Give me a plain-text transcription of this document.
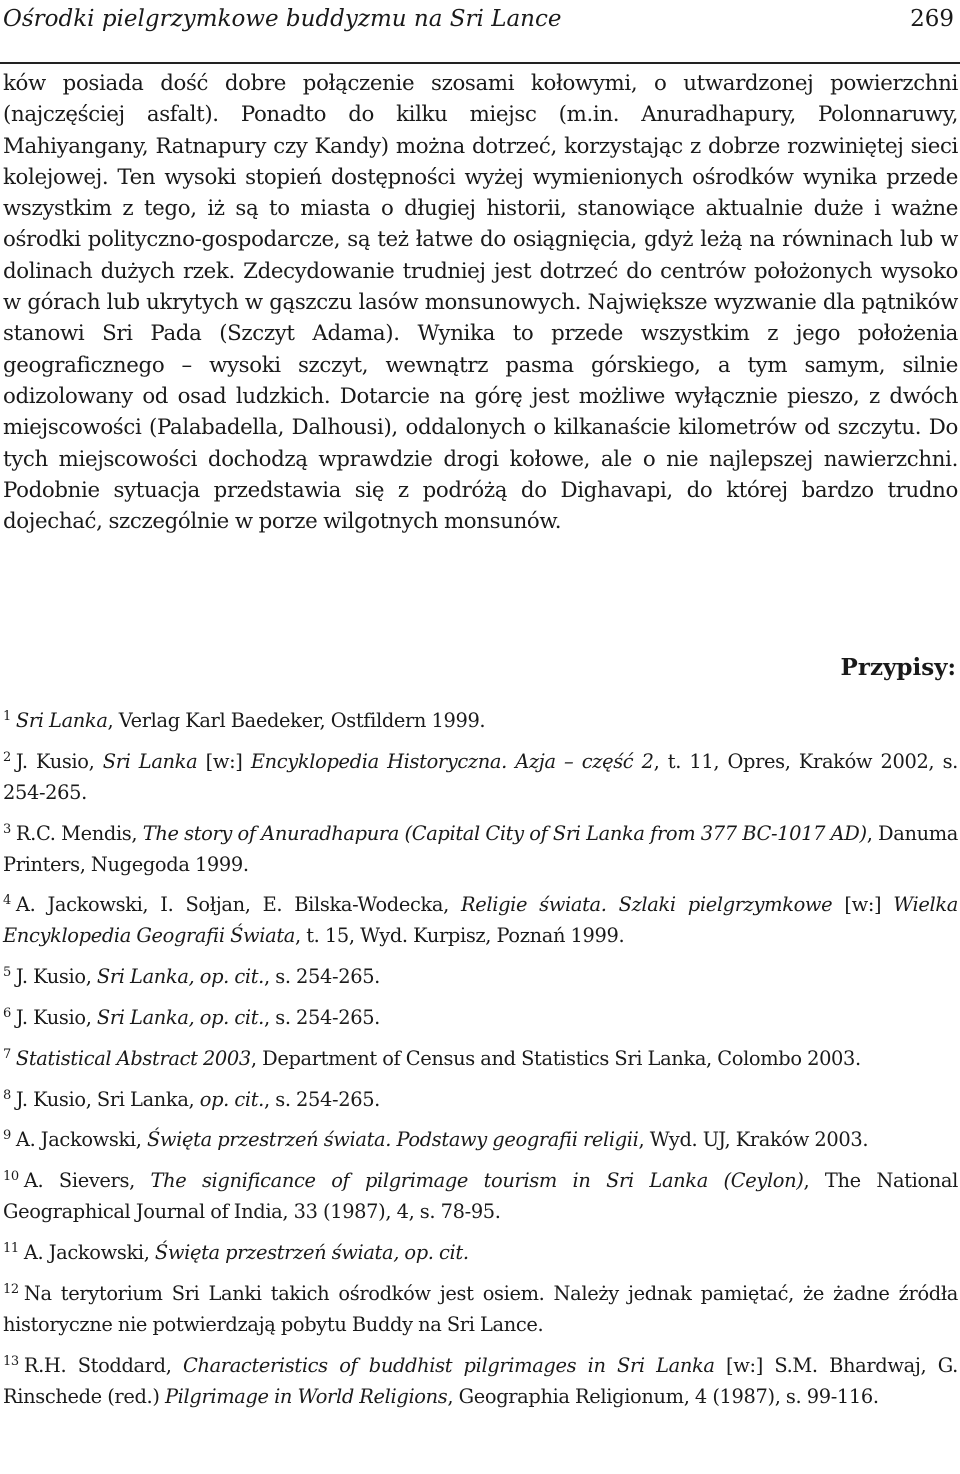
Ośrodki pielgrzymkowe buddyzmu na Sri Lance	269

ków posiada dość dobre połączenie szosami kołowymi, o utwardzonej powierzchni (najczęściej asfalt). Ponadto do kilku miejsc (m.in. Anuradhapury, Polonnaruwy, Mahiyangany, Ratnapury czy Kandy) można dotrzeć, korzystając z dobrze rozwiniętej sieci kolejowej. Ten wysoki stopień dostępności wyżej wymienionych ośrodków wynika przede wszystkim z tego, iż są to miasta o długiej historii, stanowiące aktualnie duże i ważne ośrodki polityczno-gospodarcze, są też łatwe do osiągnięcia, gdyż leżą na równinach lub w dolinach dużych rzek. Zdecydowanie trudniej jest dotrzeć do centrów położonych wysoko w górach lub ukrytych w gąszczu lasów monsunowych. Największe wyzwanie dla pątników stanowi Sri Pada (Szczyt Adama). Wynika to przede wszystkim z jego położenia geograficznego – wysoki szczyt, wewnątrz pasma górskiego, a tym samym, silnie odizolowany od osad ludzkich. Dotarcie na górę jest możliwe wyłącznie pieszo, z dwóch miejscowości (Palabadella, Dalhousi), oddalonych o kilkanaście kilometrów od szczytu. Do tych miejscowości dochodzą wprawdzie drogi kołowe, ale o nie najlepszej nawierzchni. Podobnie sytuacja przedstawia się z podróżą do Dighavapi, do której bardzo trudno dojechać, szczególnie w porze wilgotnych monsunów.

Przypisy:
$^1$ Sri Lanka, Verlag Karl Baedeker, Ostfildern 1999.
$^2$ J. Kusio, Sri Lanka [w:] Encyklopedia Historyczna. Azja – część 2, t. 11, Opres, Kraków 2002, s. 254-265.
$^3$ R.C. Mendis, The story of Anuradhapura (Capital City of Sri Lanka from 377 BC-1017 AD), Danuma Printers, Nugegoda 1999.
$^4$ A. Jackowski, I. Sołjan, E. Bilska-Wodecka, Religie świata. Szlaki pielgrzymkowe [w:] Wielka Encyklopedia Geografii Świata, t. 15, Wyd. Kurpisz, Poznań 1999.
$^5$ J. Kusio, Sri Lanka, op. cit., s. 254-265.
$^6$ J. Kusio, Sri Lanka, op. cit., s. 254-265.
$^7$ Statistical Abstract 2003, Department of Census and Statistics Sri Lanka, Colombo 2003.
$^8$ J. Kusio, Sri Lanka, op. cit., s. 254-265.
$^9$ A. Jackowski, Święta przestrzeń świata. Podstawy geografii religii, Wyd. UJ, Kraków 2003.
$^{10}$ A. Sievers, The significance of pilgrimage tourism in Sri Lanka (Ceylon), The National Geographical Journal of India, 33 (1987), 4, s. 78-95.
$^{11}$ A. Jackowski, Święta przestrzeń świata, op. cit.
$^{12}$ Na terytorium Sri Lanki takich ośrodków jest osiem. Należy jednak pamiętać, że żadne źródła historyczne nie potwierdzają pobytu Buddy na Sri Lance.
$^{13}$ R.H. Stoddard, Characteristics of buddhist pilgrimages in Sri Lanka [w:] S.M. Bhardwaj, G. Rinschede (red.) Pilgrimage in World Religions, Geographia Religionum, 4 (1987), s. 99-116.
